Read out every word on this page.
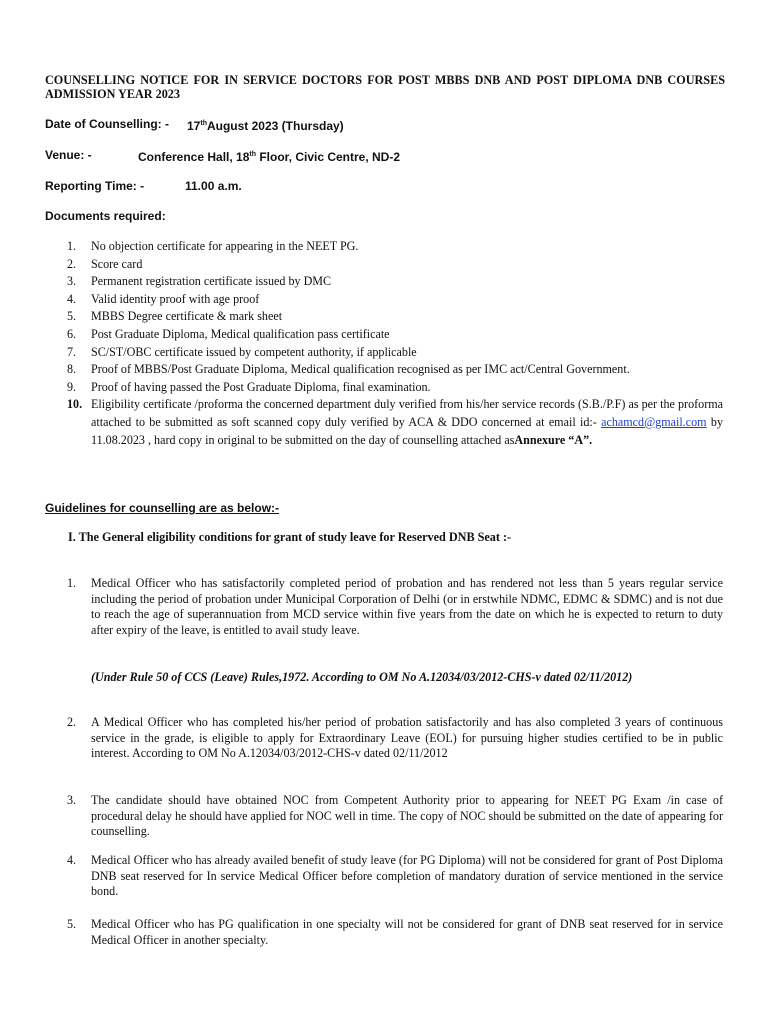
COUNSELLING NOTICE FOR IN SERVICE DOCTORS FOR POST MBBS DNB AND POST DIPLOMA DNB COURSES ADMISSION YEAR 2023
Date of Counselling: - 17thAugust 2023 (Thursday)
Venue: -	Conference Hall, 18th Floor, Civic Centre, ND-2
Reporting Time: -	11.00 a.m.
Documents required:
1. No objection certificate for appearing in the NEET PG.
2. Score card
3. Permanent registration certificate issued by DMC
4. Valid identity proof with age proof
5. MBBS Degree certificate & mark sheet
6. Post Graduate Diploma, Medical qualification pass certificate
7. SC/ST/OBC certificate issued by competent authority, if applicable
8. Proof of MBBS/Post Graduate Diploma, Medical qualification recognised as per IMC act/Central Government.
9. Proof of having passed the Post Graduate Diploma, final examination.
10. Eligibility certificate /proforma the concerned department duly verified from his/her service records (S.B./P.F) as per the proforma attached to be submitted as soft scanned copy duly verified by ACA & DDO concerned at email id:- achamcd@gmail.com by 11.08.2023 , hard copy in original to be submitted on the day of counselling attached asAnnexure “A”.
Guidelines for counselling are as below:-
I. The General eligibility conditions for grant of study leave for Reserved DNB Seat :-
1. Medical Officer who has satisfactorily completed period of probation and has rendered not less than 5 years regular service including the period of probation under Municipal Corporation of Delhi (or in erstwhile NDMC, EDMC & SDMC) and is not due to reach the age of superannuation from MCD service within five years from the date on which he is expected to return to duty after expiry of the leave, is entitled to avail study leave.
(Under Rule 50 of CCS (Leave) Rules,1972. According to OM No A.12034/03/2012-CHS-v dated 02/11/2012)
2. A Medical Officer who has completed his/her period of probation satisfactorily and has also completed 3 years of continuous service in the grade, is eligible to apply for Extraordinary Leave (EOL) for pursuing higher studies certified to be in public interest. According to OM No A.12034/03/2012-CHS-v dated 02/11/2012
3. The candidate should have obtained NOC from Competent Authority prior to appearing for NEET PG Exam /in case of procedural delay he should have applied for NOC well in time. The copy of NOC should be submitted on the date of appearing for counselling.
4. Medical Officer who has already availed benefit of study leave (for PG Diploma) will not be considered for grant of Post Diploma DNB seat reserved for In service Medical Officer before completion of mandatory duration of service mentioned in the service bond.
5. Medical Officer who has PG qualification in one specialty will not be considered for grant of DNB seat reserved for in service Medical Officer in another specialty.
